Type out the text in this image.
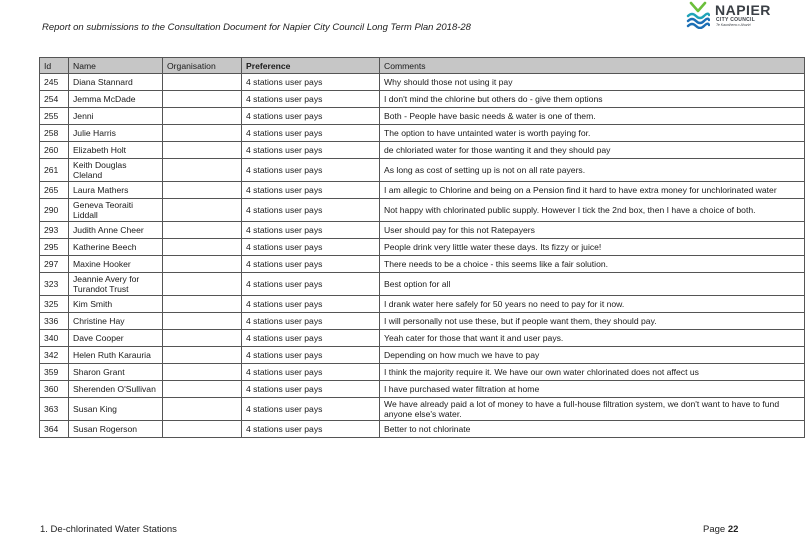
Report on submissions to the Consultation Document for Napier City Council Long Term Plan 2018-28
NAPIER
CITY COUNCIL
Te Kaunihera o Ahuriri
Id	Name	Organisation	Preference	Comments
245	Diana Stannard		4 stations user pays	Why should those not using it pay
254	Jemma McDade		4 stations user pays	I don't mind the chlorine but others do - give them options
255	Jenni		4 stations user pays	Both - People have basic needs & water is one of them.
258	Julie Harris		4 stations user pays	The option to have untainted water is worth paying for.
260	Elizabeth Holt		4 stations user pays	de chloriated water for those wanting it and they should pay
261	Keith Douglas Cleland		4 stations user pays	As long as cost of setting up is not on all rate payers.
265	Laura Mathers		4 stations user pays	I am allegic to Chlorine and being on a Pension find it hard to have extra money for unchlorinated water
290	Geneva Teoraiti Liddall		4 stations user pays	Not happy with chlorinated public supply. However I tick the 2nd box, then I have a choice of both.
293	Judith Anne Cheer		4 stations user pays	User should pay for this not Ratepayers
295	Katherine Beech		4 stations user pays	People drink very little water these days. Its fizzy or juice!
297	Maxine Hooker		4 stations user pays	There needs to be a choice - this seems like a fair solution.
323	Jeannie Avery for Turandot Trust		4 stations user pays	Best option for all
325	Kim Smith		4 stations user pays	I drank water here safely for 50 years no need to pay for it now.
336	Christine Hay		4 stations user pays	I will personally not use these, but if people want them, they should pay.
340	Dave Cooper		4 stations user pays	Yeah cater for those that want it and user pays.
342	Helen Ruth Karauria		4 stations user pays	Depending on how much we have to pay
359	Sharon Grant		4 stations user pays	I think the majority require it. We have our own water chlorinated does not affect us
360	Sherenden O'Sullivan		4 stations user pays	I have purchased water filtration at home
363	Susan King		4 stations user pays	We have already paid a lot of money to have a full-house filtration system, we don't want to have to fund anyone else's water.
364	Susan Rogerson		4 stations user pays	Better to not chlorinate
1. De-chlorinated Water Stations	Page 22
